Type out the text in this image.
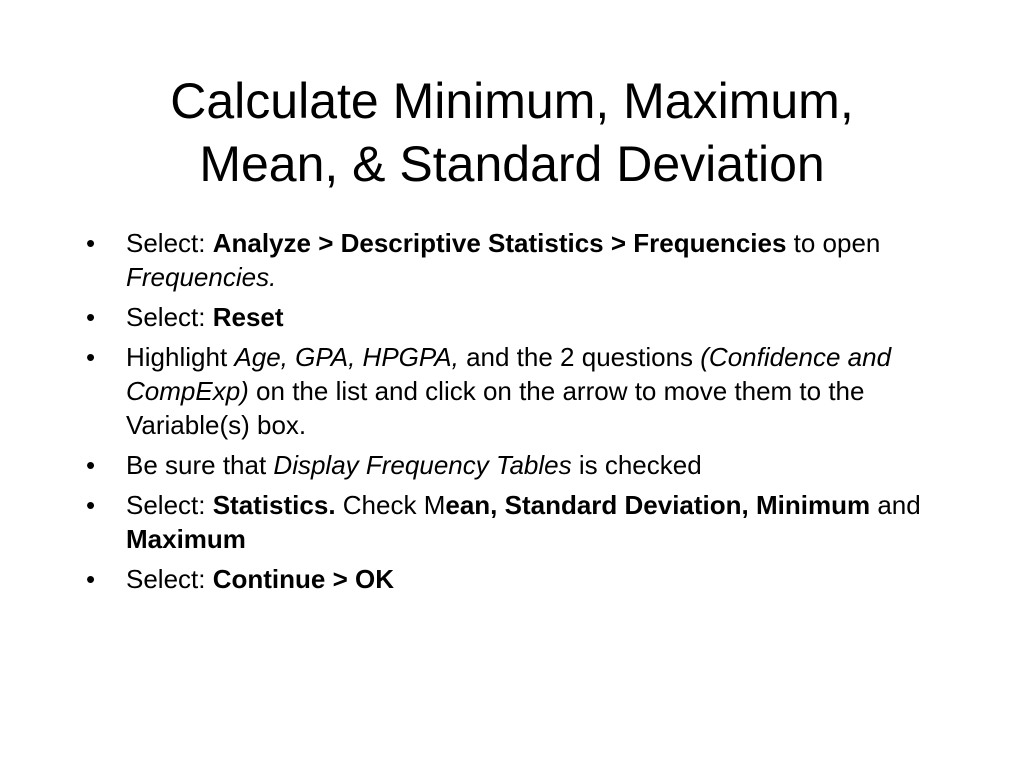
Calculate Minimum, Maximum,
Mean, & Standard Deviation
•	Select: Analyze > Descriptive Statistics > Frequencies to open Frequencies.
•	Select: Reset
•	Highlight Age, GPA, HPGPA, and the 2 questions (Confidence and CompExp) on the list and click on the arrow to move them to the Variable(s) box.
•	Be sure that Display Frequency Tables is checked
•	Select: Statistics. Check Mean, Standard Deviation, Minimum and Maximum
•	Select: Continue > OK
